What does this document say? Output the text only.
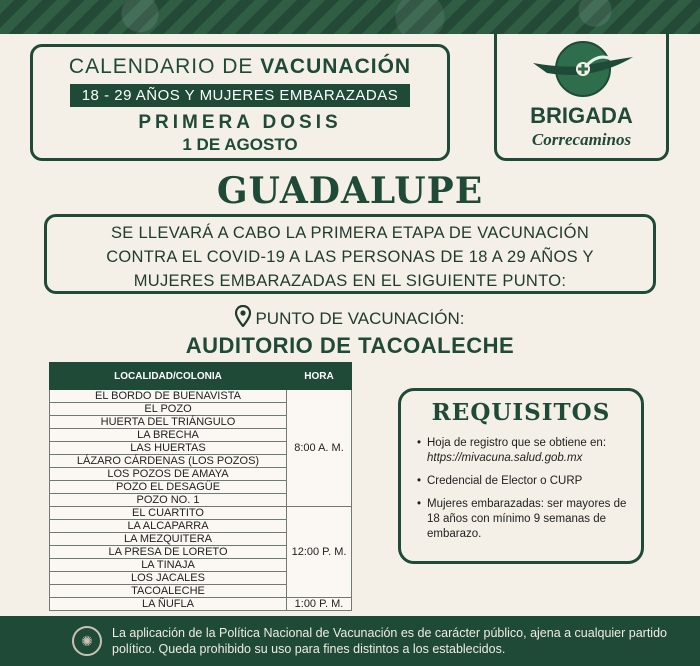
CALENDARIO DE VACUNACIÓN
18 - 29 AÑOS Y MUJERES EMBARAZADAS
PRIMERA DOSIS
1 DE AGOSTO
BRIGADA
Correcaminos
GUADALUPE
SE LLEVARÁ A CABO LA PRIMERA ETAPA DE VACUNACIÓN
CONTRA EL COVID-19 A LAS PERSONAS DE 18 A 29 AÑOS Y
MUJERES EMBARAZADAS EN EL SIGUIENTE PUNTO:
PUNTO DE VACUNACIÓN:
AUDITORIO DE TACOALECHE
LOCALIDAD/COLONIA	HORA
EL BORDO DE BUENAVISTA	8:00 A. M.
EL POZO	
HUERTA DEL TRIÁNGULO	
LA BRECHA	
LAS HUERTAS	
LÁZARO CÁRDENAS (LOS POZOS)	
LOS POZOS DE AMAYA	
POZO EL DESAGÜE	
POZO NO. 1	
EL CUARTITO	12:00 P. M.
LA ALCAPARRA	
LA MEZQUITERA	
LA PRESA DE LORETO	
LA TINAJA	
LOS JACALES	
TACOALECHE	
LA ÑUFLA	1:00 P. M.
REQUISITOS
• Hoja de registro que se obtiene en: https://mivacuna.salud.gob.mx
• Credencial de Elector o CURP
• Mujeres embarazadas: ser mayores de 18 años con mínimo 9 semanas de embarazo.
✺	La aplicación de la Política Nacional de Vacunación es de carácter público, ajena a cualquier partido político. Queda prohibido su uso para fines distintos a los establecidos.
